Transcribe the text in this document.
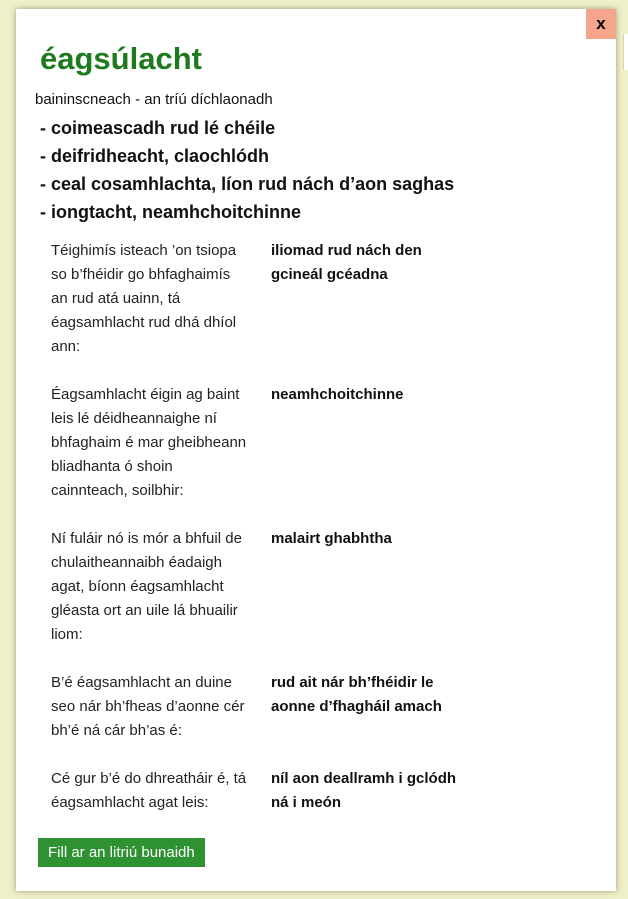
x
éagsúlacht
baininscneach - an tríú díchlaonadh
- coimeascadh rud lé chéile
- deifridheacht, claochlódh
- ceal cosamhlachta, líon rud nách d’aon saghas
- iongtacht, neamhchoitchinne
Téighimís isteach ’on tsiopa so b’fhéidir go bhfaghaimís an rud atá uainn, tá éagsamhlacht rud dhá dhíol ann:
iliomad rud nách den gcineál gcéadna
Éagsamhlacht éigin ag baint leis lé déidheannaighe ní bhfaghaim é mar gheibheann bliadhanta ó shoin cainnteach, soilbhir:
neamhchoitchinne
Ní fuláir nó is mór a bhfuil de chulaitheannaibh éadaigh agat, bíonn éagsamhlacht gléasta ort an uile lá bhuailir liom:
malairt ghabhtha
B’é éagsamhlacht an duine seo nár bh’fheas d’aonne cér bh’é ná cár bh’as é:
rud ait nár bh’fhéidir le aonne d’fhagháil amach
Cé gur b’é do dhreatháir é, tá éagsamhlacht agat leis:
níl aon deallramh i gclódh ná i meón
Fill ar an litriú bunaidh
